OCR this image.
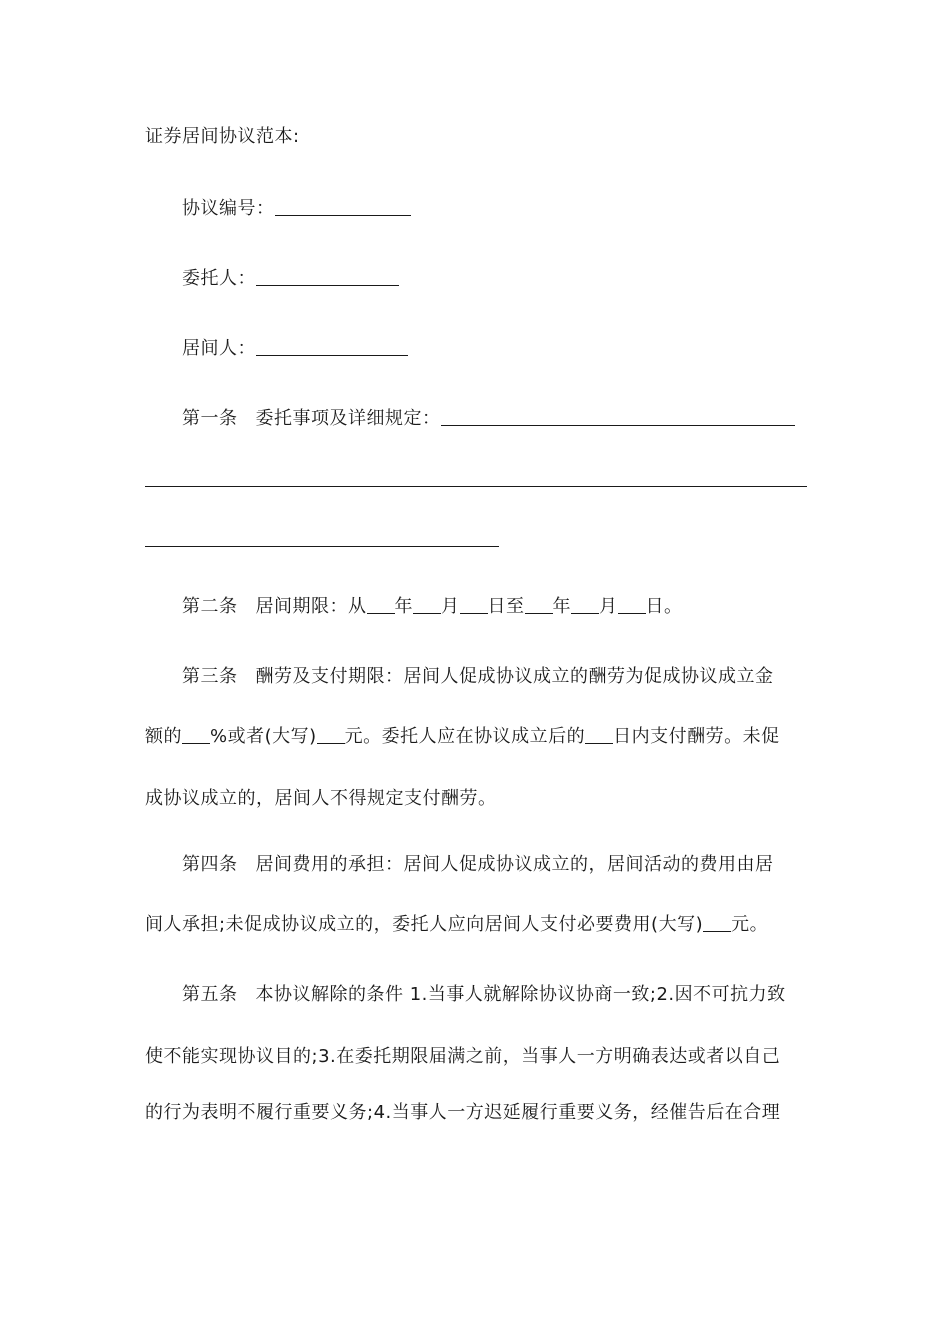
证券居间协议范本:
协议编号：
委托人：
居间人：
第一条 委托事项及详细规定：
第二条 居间期限：从 年 月 日至 年 月 日。
第三条 酬劳及支付期限：居间人促成协议成立的酬劳为促成协议成立金
额的 %或者(大写) 元。委托人应在协议成立后的 日内支付酬劳。未促
成协议成立的，居间人不得规定支付酬劳。
第四条 居间费用的承担：居间人促成协议成立的，居间活动的费用由居
间人承担;未促成协议成立的，委托人应向居间人支付必要费用(大写) 元。
第五条 本协议解除的条件 1.当事人就解除协议协商一致;2.因不可抗力致
使不能实现协议目的;3.在委托期限届满之前，当事人一方明确表达或者以自己
的行为表明不履行重要义务;4.当事人一方迟延履行重要义务，经催告后在合理
